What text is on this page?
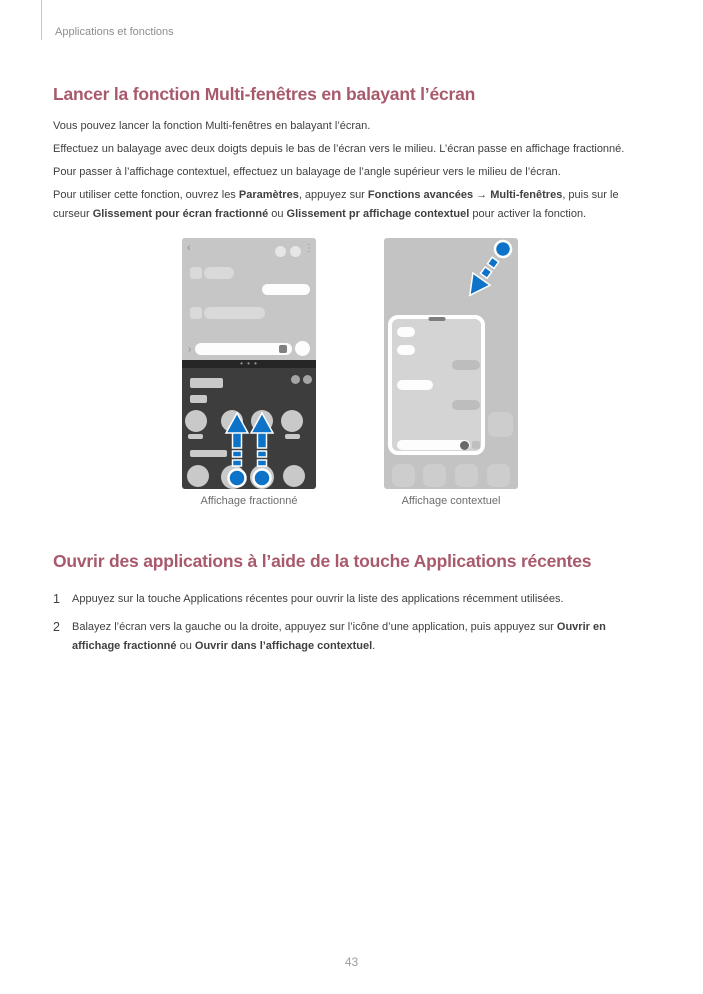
Applications et fonctions
Lancer la fonction Multi-fenêtres en balayant l’écran

Vous pouvez lancer la fonction Multi-fenêtres en balayant l’écran.

Effectuez un balayage avec deux doigts depuis le bas de l’écran vers le milieu. L’écran passe en affichage fractionné.

Pour passer à l’affichage contextuel, effectuez un balayage de l’angle supérieur vers le milieu de l’écran.

Pour utiliser cette fonction, ouvrez les Paramètres, appuyez sur Fonctions avancées → Multi-fenêtres, puis sur le curseur Glissement pour écran fractionné ou Glissement pr affichage contextuel pour activer la fonction.

‹	⋮
›
• • •
Affichage fractionné	Affichage contextuel
Ouvrir des applications à l’aide de la touche Applications récentes
1	Appuyez sur la touche Applications récentes pour ouvrir la liste des applications récemment utilisées.
2	Balayez l’écran vers la gauche ou la droite, appuyez sur l’icône d’une application, puis appuyez sur Ouvrir en affichage fractionné ou Ouvrir dans l’affichage contextuel.
43
